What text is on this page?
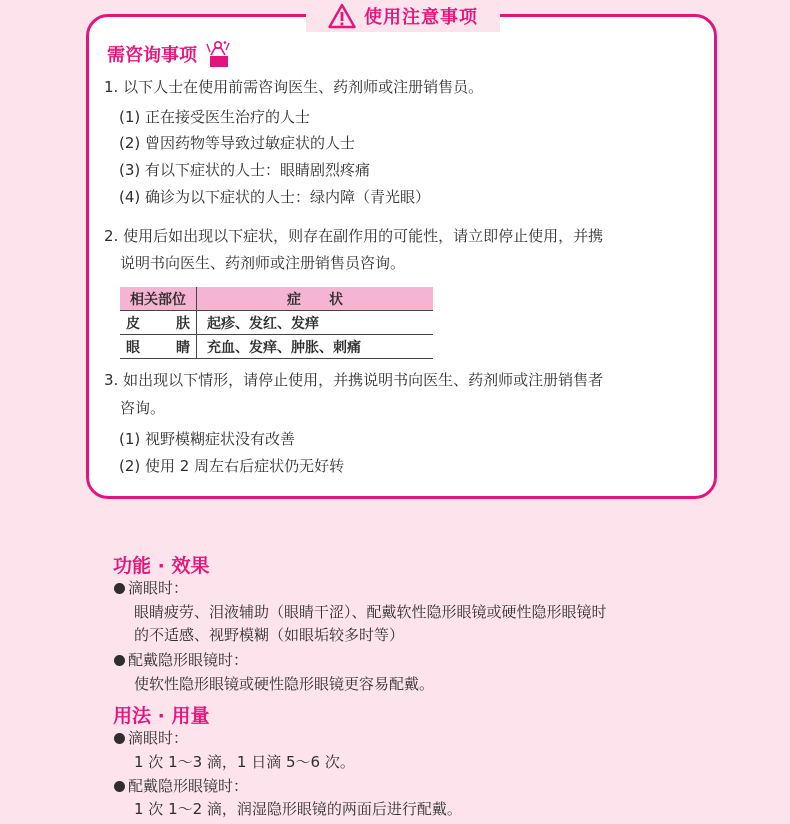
使用注意事项
需咨询事项
1. 以下人士在使用前需咨询医生、药剂师或注册销售员。
(1) 正在接受医生治疗的人士
(2) 曾因药物等导致过敏症状的人士
(3) 有以下症状的人士：眼睛剧烈疼痛
(4) 确诊为以下症状的人士：绿内障（青光眼）
2. 使用后如出现以下症状，则存在副作用的可能性，请立即停止使用，并携
说明书向医生、药剂师或注册销售员咨询。
相关部位	症　　状
皮肤	起疹、发红、发痒
眼睛	充血、发痒、肿胀、刺痛
3. 如出现以下情形，请停止使用，并携说明书向医生、药剂师或注册销售者
咨询。
(1) 视野模糊症状没有改善
(2) 使用 2 周左右后症状仍无好转
功能 · 效果
滴眼时：
眼睛疲劳、泪液辅助（眼睛干涩）、配戴软性隐形眼镜或硬性隐形眼镜时
的不适感、视野模糊（如眼垢较多时等）
配戴隐形眼镜时：
使软性隐形眼镜或硬性隐形眼镜更容易配戴。
用法 · 用量
滴眼时：
1 次 1～3 滴，1 日滴 5～6 次。
配戴隐形眼镜时：
1 次 1～2 滴，润湿隐形眼镜的两面后进行配戴。
